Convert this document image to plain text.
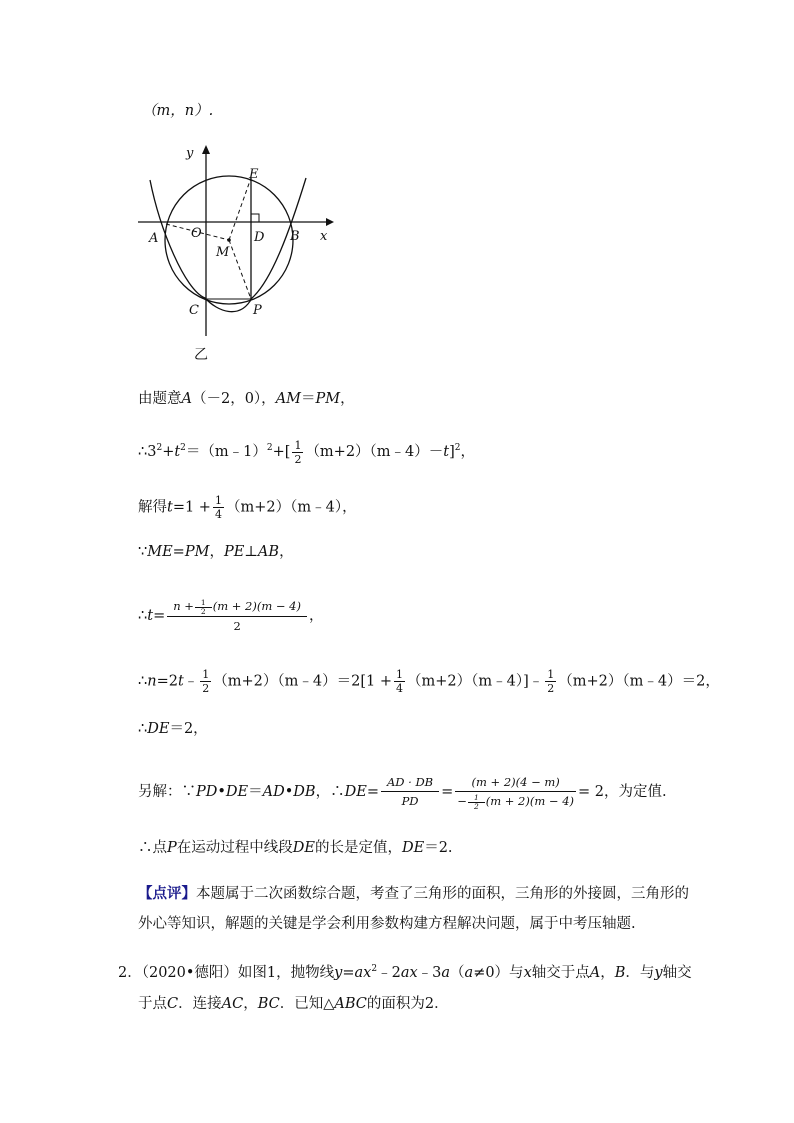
（m，n）.
y
x
E
O
A	D B
M
C	P
乙
由题意A（－2，0），AM＝PM，
$\therefore 3^2+t^2=(m﹣1)^2+[ \frac{1}{2}$ （m+2）（m﹣4）－t]$^2$，
解得$t=1 + \frac{1}{4}$ （m+2）（m﹣4），
∵ME=PM，PE⊥AB，
∴t= $\frac{n + \frac{1}{2} (m + 2)(m - 4)}{2}$ ，
∴n=2t﹣ $\frac{1}{2}$ （m+2）（m﹣4）＝2[1 + $\frac{1}{4}$ （m+2）（m﹣4）]﹣ $\frac{1}{2}$ （m+2）（m﹣4）＝2，
∴DE＝2，
另解：∵PD•DE＝AD•DB，∴DE= $\frac{AD \cdot DB}{PD} = \frac{(m + 2)(4 - m)}{- \frac{1}{2} (m + 2)(m - 4)} = 2$，为定值.
∴点P在运动过程中线段DE的长是定值，DE＝2.
【点评】本题属于二次函数综合题，考查了三角形的面积，三角形的外接圆，三角形的
外心等知识，解题的关键是学会利用参数构建方程解决问题，属于中考压轴题.
2．（2020•德阳）如图1，抛物线$y=ax^2﹣2ax﹣3a(a\ne 0)$与x轴交于点A，B．与y轴交
于点C．连接AC，BC．已知△ABC的面积为2．
